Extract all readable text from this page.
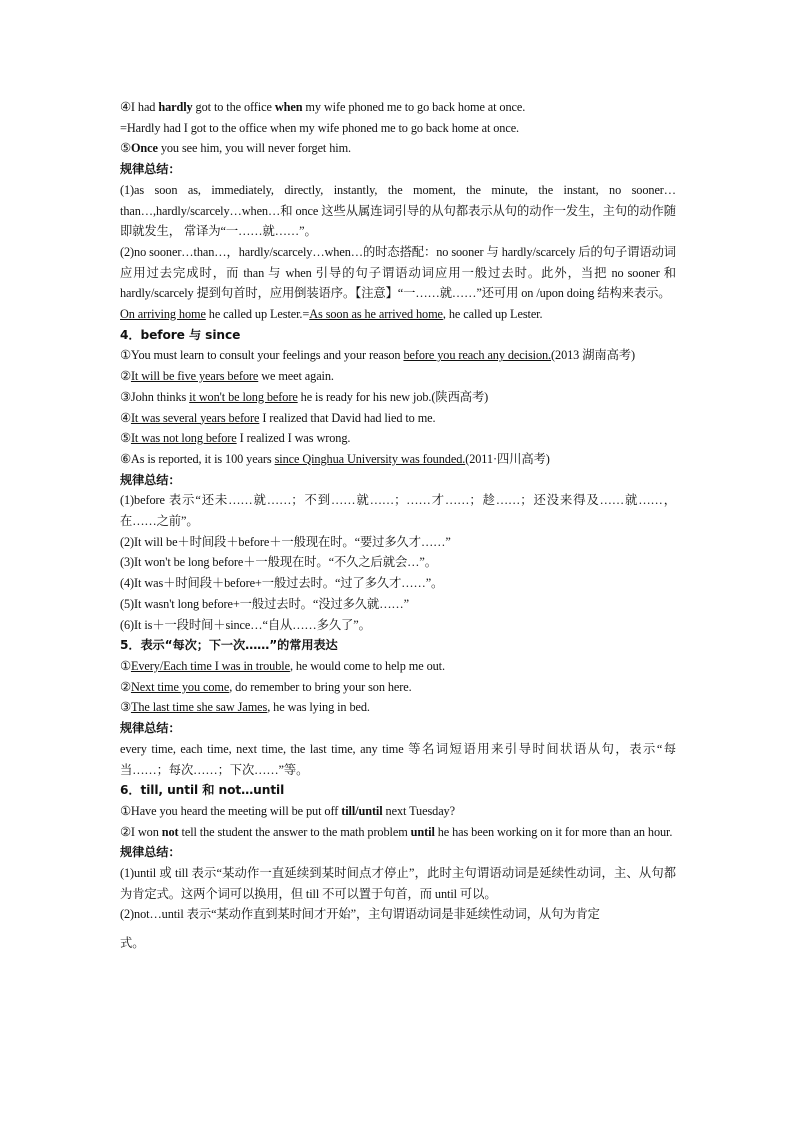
④I had hardly got to the office when my wife phoned me to go back home at once.

=Hardly had I got to the office when my wife phoned me to go back home at once.

⑤Once you see him, you will never forget him.

规律总结：

(1)as soon as, immediately, directly, instantly, the moment, the minute, the instant, no sooner…than…,hardly/scarcely…when…和 once 这些从属连词引导的从句都表示从句的动作一发生，主句的动作随即就发生， 常译为“一……就……”。

(2)no sooner…than…，hardly/scarcely…when…的时态搭配：no sooner 与 hardly/scarcely 后的句子谓语动词应用过去完成时，而 than 与 when 引导的句子谓语动词应用一般过去时。此外，当把 no sooner 和 hardly/scarcely 提到句首时，应用倒装语序。【注意】“一……就……”还可用 on /upon doing 结构来表示。

On arriving home he called up Lester.=As soon as he arrived home, he called up Lester.

4．before 与 since

①You must learn to consult your feelings and your reason before you reach any decision.(2013 湖南高考)

②It will be five years before we meet again.

③John thinks it won't be long before he is ready for his new job.(陕西高考)

④It was several years before I realized that David had lied to me.

⑤It was not long before I realized I was wrong.

⑥As is reported, it is 100 years since Qinghua University was founded.(2011·四川高考)

规律总结：

(1)before 表示“还未……就……；不到……就……；……才……；趁……；还没来得及……就……，在……之前”。

(2)It will be＋时间段＋before＋一般现在时。“要过多久才……”

(3)It won't be long before＋一般现在时。“不久之后就会…”。

(4)It was＋时间段＋before+一般过去时。“过了多久才……”。

(5)It wasn't long before+一般过去时。“没过多久就……”

(6)It is＋一段时间＋since…“自从……多久了”。

5．表示“每次；下一次……”的常用表达

①Every/Each time I was in trouble, he would come to help me out.

②Next time you come, do remember to bring your son here.

③The last time she saw James, he was lying in bed.

规律总结：

every time, each time, next time, the last time, any time 等名词短语用来引导时间状语从句，表示“每当……；每次……；下次……”等。

6．till, until 和 not…until

①Have you heard the meeting will be put off till/until next Tuesday?

②I won not tell the student the answer to the math problem until he has been working on it for more than an hour.

规律总结：

(1)until 或 till 表示“某动作一直延续到某时间点才停止”，此时主句谓语动词是延续性动词，主、从句都为肯定式。这两个词可以换用，但 till 不可以置于句首，而 until 可以。

(2)not…until 表示“某动作直到某时间才开始”，主句谓语动词是非延续性动词，从句为肯定

式。
